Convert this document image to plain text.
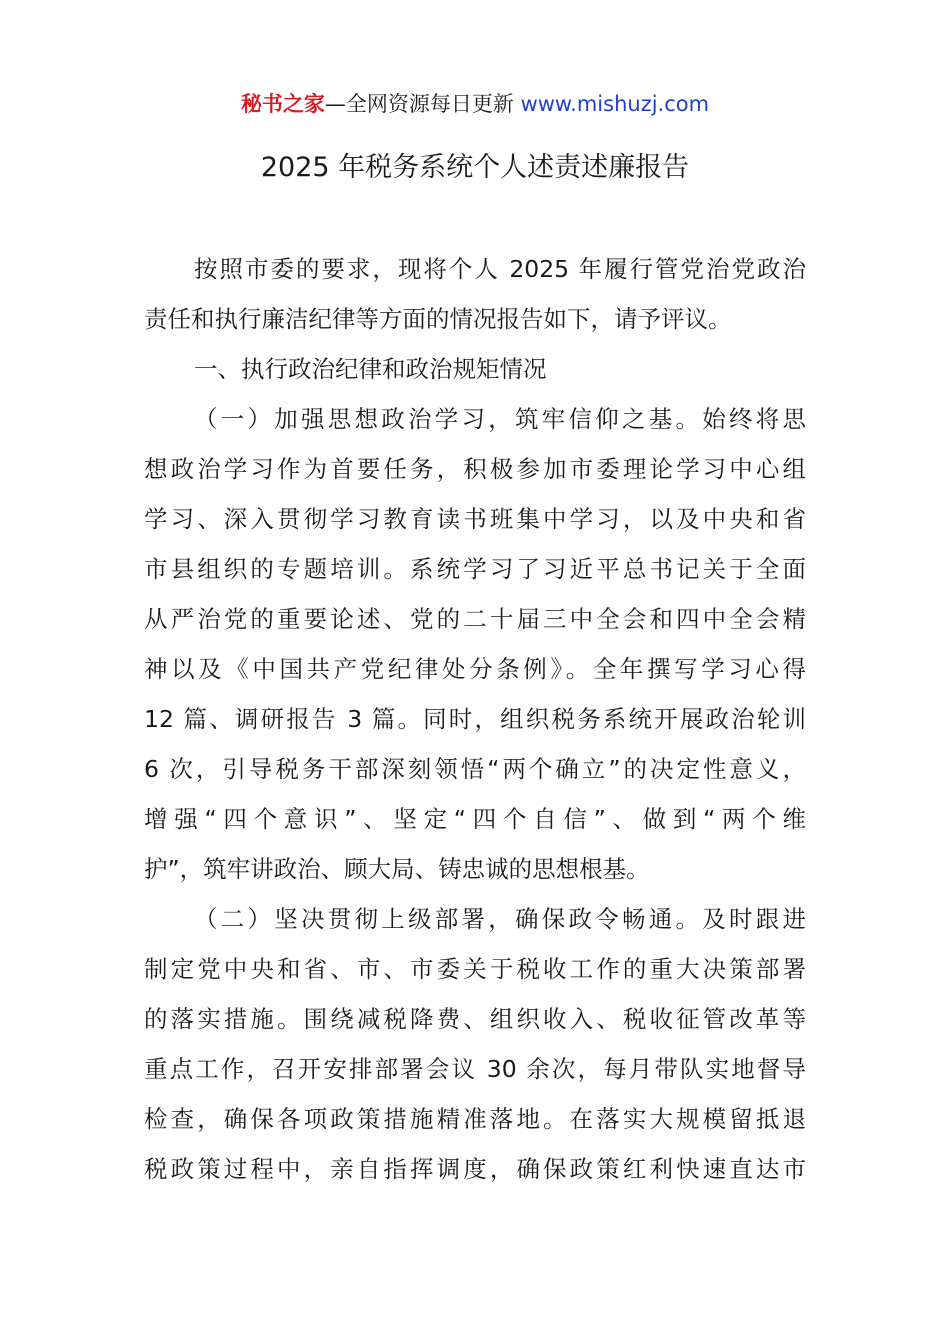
秘书之家—全网资源每日更新 www.mishuzj.com
2025 年税务系统个人述责述廉报告
按照市委的要求，现将个人 2025 年履行管党治党政治
责任和执行廉洁纪律等方面的情况报告如下，请予评议。
一、执行政治纪律和政治规矩情况
（一）加强思想政治学习，筑牢信仰之基。始终将思
想政治学习作为首要任务，积极参加市委理论学习中心组
学习、深入贯彻学习教育读书班集中学习，以及中央和省
市县组织的专题培训。系统学习了习近平总书记关于全面
从严治党的重要论述、党的二十届三中全会和四中全会精
神以及《中国共产党纪律处分条例》。全年撰写学习心得
12 篇、调研报告 3 篇。同时，组织税务系统开展政治轮训
6 次，引导税务干部深刻领悟“两个确立”的决定性意义，
增强“四个意识”、坚定“四个自信”、做到“两个维
护”，筑牢讲政治、顾大局、铸忠诚的思想根基。
（二）坚决贯彻上级部署，确保政令畅通。及时跟进
制定党中央和省、市、市委关于税收工作的重大决策部署
的落实措施。围绕减税降费、组织收入、税收征管改革等
重点工作，召开安排部署会议 30 余次，每月带队实地督导
检查，确保各项政策措施精准落地。在落实大规模留抵退
税政策过程中，亲自指挥调度，确保政策红利快速直达市
